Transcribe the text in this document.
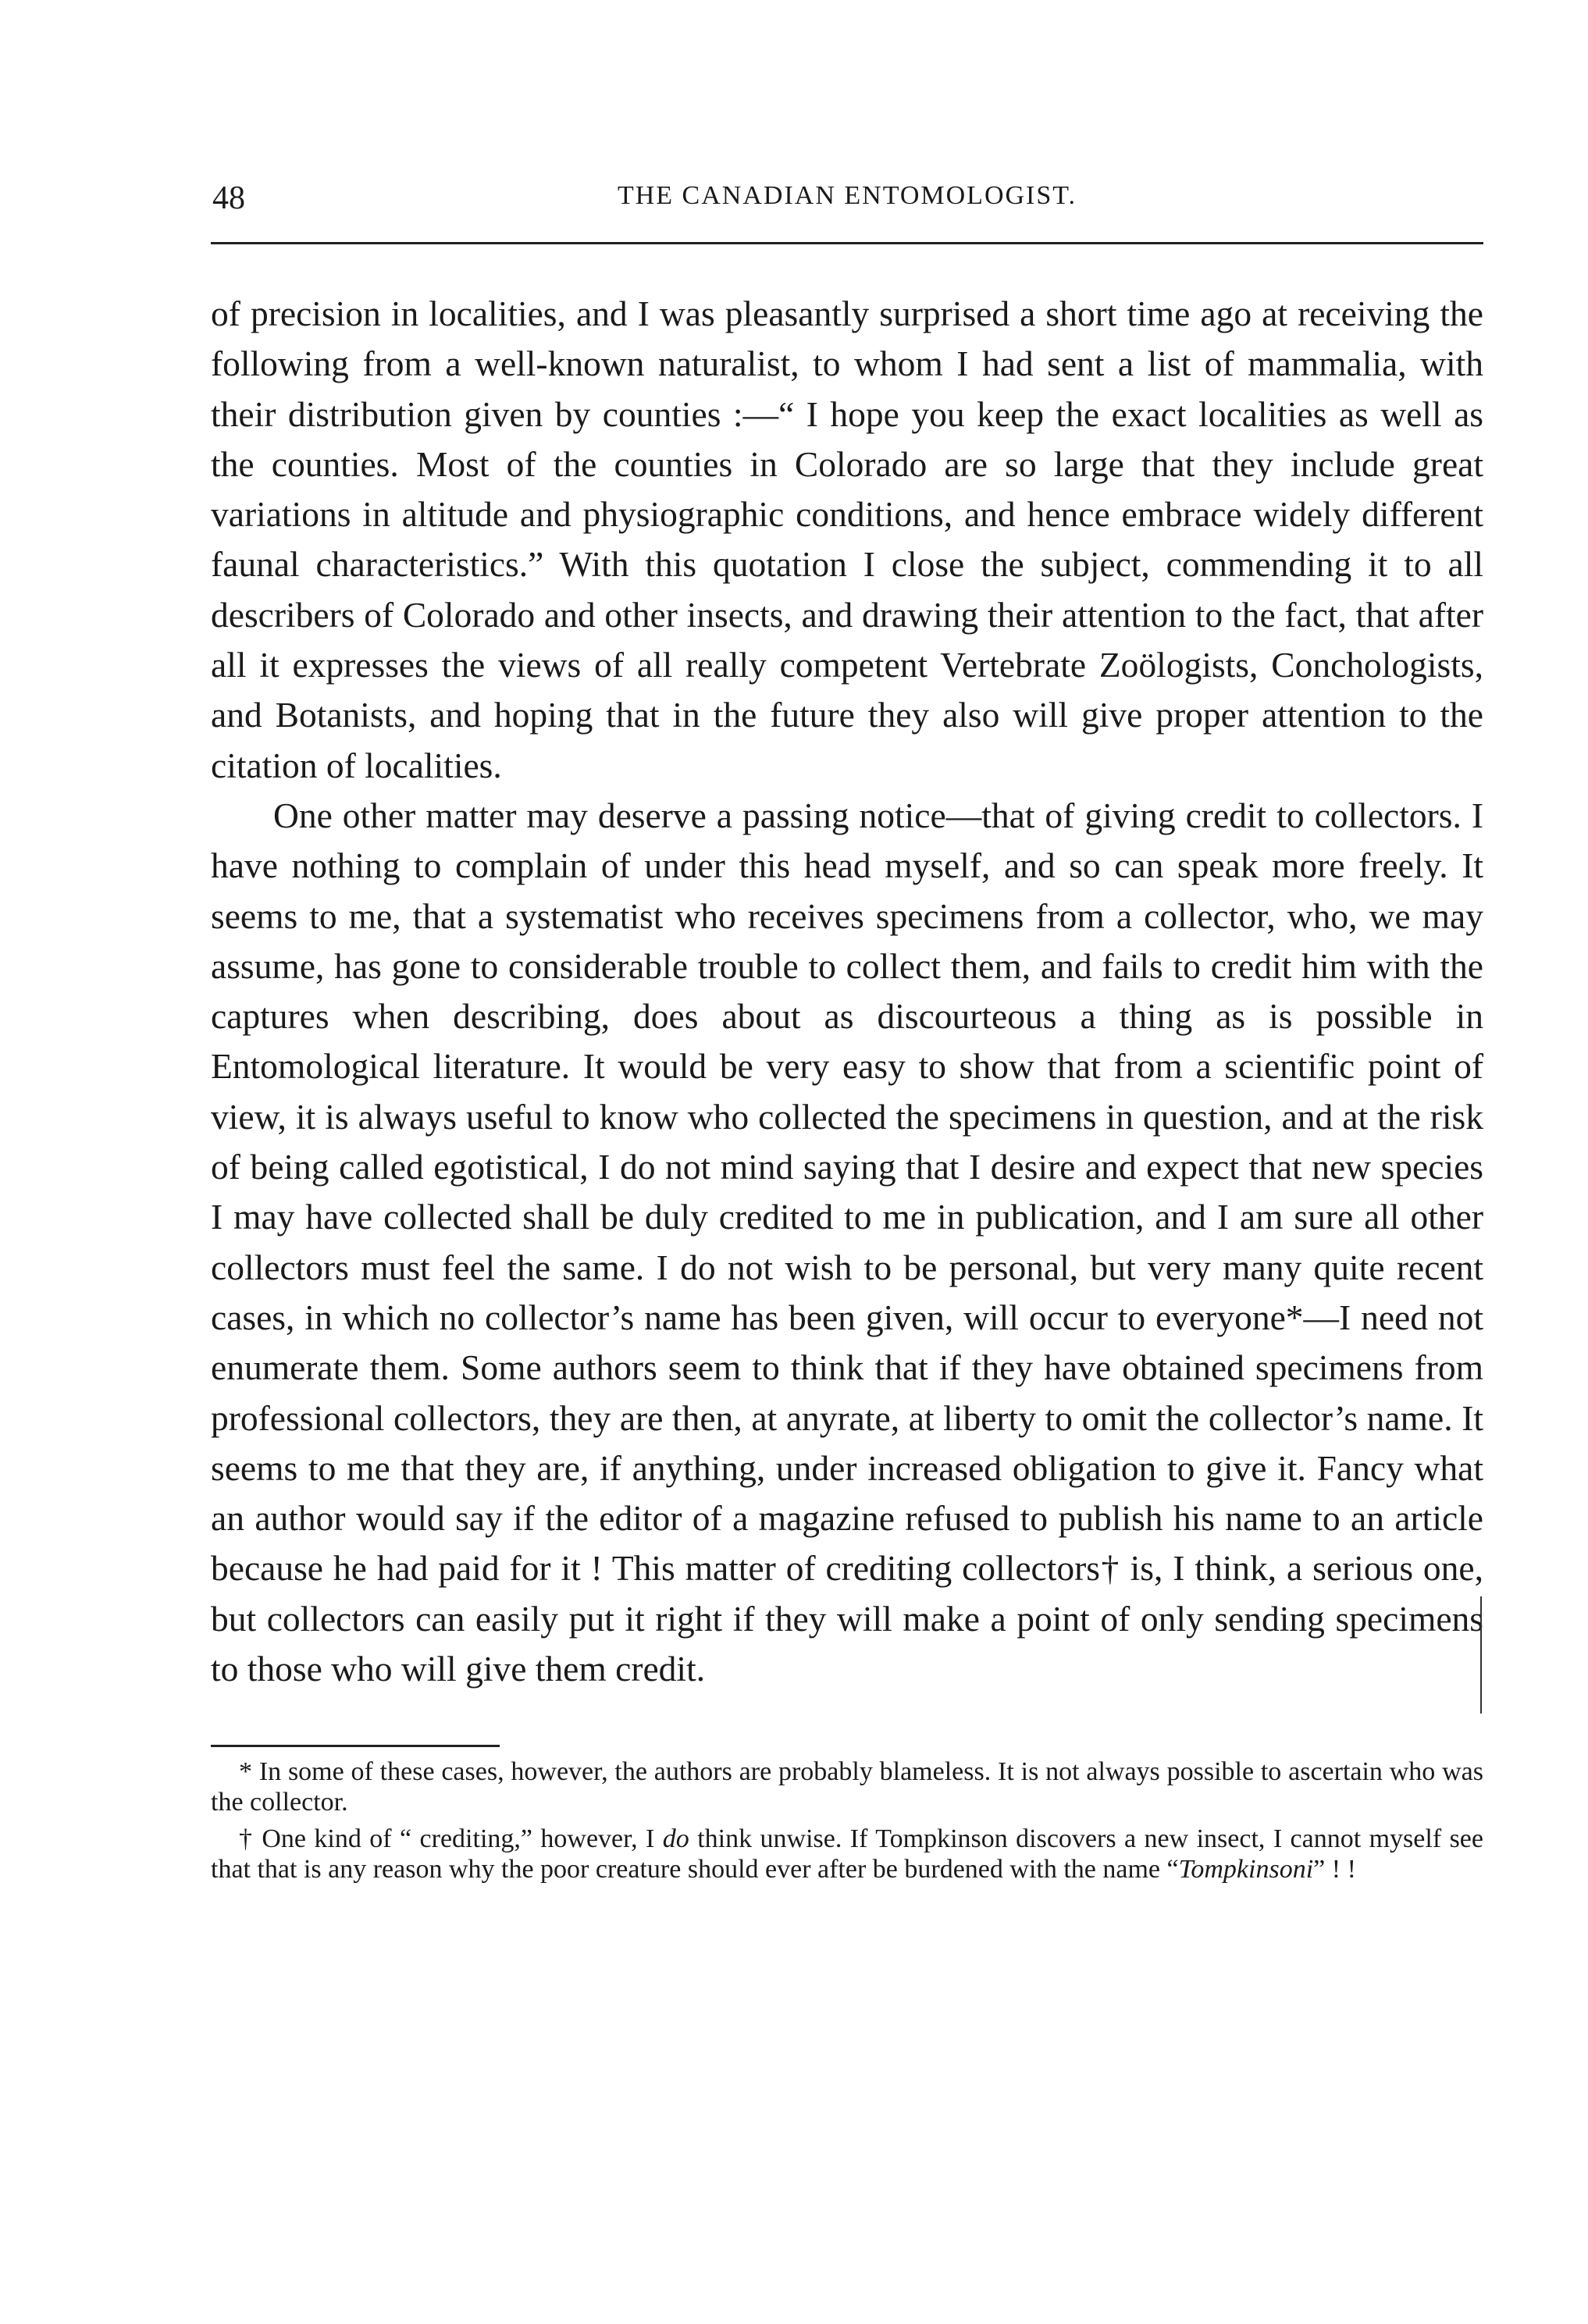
48	THE CANADIAN ENTOMOLOGIST.

of precision in localities, and I was pleasantly surprised a short time ago at receiving the following from a well-known naturalist, to whom I had sent a list of mammalia, with their distribution given by counties :—“ I hope you keep the exact localities as well as the counties. Most of the counties in Colorado are so large that they include great variations in altitude and physiographic conditions, and hence embrace widely different faunal characteristics.” With this quotation I close the subject, commending it to all describers of Colorado and other insects, and drawing their attention to the fact, that after all it expresses the views of all really competent Vertebrate Zoölogists, Conchologists, and Botanists, and hoping that in the future they also will give proper attention to the citation of localities.

One other matter may deserve a passing notice—that of giving credit to collectors. I have nothing to complain of under this head myself, and so can speak more freely. It seems to me, that a systematist who receives specimens from a collector, who, we may assume, has gone to considerable trouble to collect them, and fails to credit him with the captures when describing, does about as discourteous a thing as is possible in Entomological literature. It would be very easy to show that from a scientific point of view, it is always useful to know who collected the specimens in question, and at the risk of being called egotistical, I do not mind saying that I desire and expect that new species I may have collected shall be duly credited to me in publication, and I am sure all other collectors must feel the same. I do not wish to be personal, but very many quite recent cases, in which no collector’s name has been given, will occur to everyone*—I need not enumerate them. Some authors seem to think that if they have obtained specimens from professional collectors, they are then, at anyrate, at liberty to omit the collector’s name. It seems to me that they are, if anything, under increased obligation to give it. Fancy what an author would say if the editor of a magazine refused to publish his name to an article because he had paid for it ! This matter of crediting collectors† is, I think, a serious one, but collectors can easily put it right if they will make a point of only sending specimens to those who will give them credit.

* In some of these cases, however, the authors are probably blameless. It is not always possible to ascertain who was the collector.

† One kind of “ crediting,” however, I do think unwise. If Tompkinson discovers a new insect, I cannot myself see that that is any reason why the poor creature should ever after be burdened with the name “Tompkinsoni” ! !
